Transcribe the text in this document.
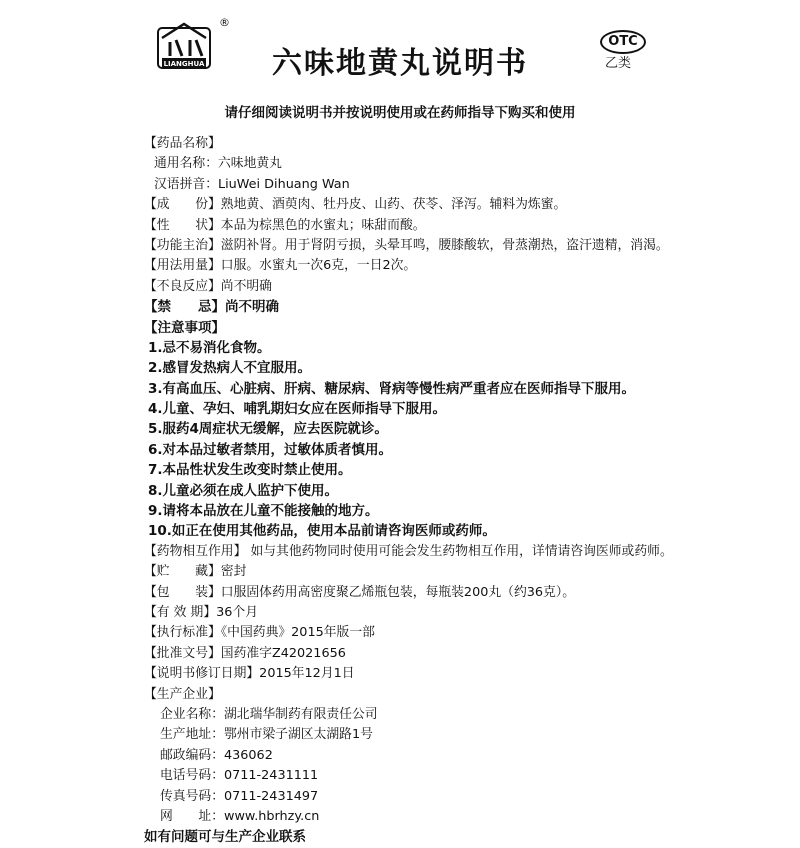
LIANGHUA
®
六味地黄丸说明书
OTC
乙类
请仔细阅读说明书并按说明使用或在药师指导下购买和使用
【药品名称】
通用名称：六味地黄丸
汉语拼音：LiuWei Dihuang Wan
【成　　份】熟地黄、酒萸肉、牡丹皮、山药、茯苓、泽泻。辅料为炼蜜。
【性　　状】本品为棕黑色的水蜜丸；味甜而酸。
【功能主治】滋阴补肾。用于肾阴亏损，头晕耳鸣，腰膝酸软，骨蒸潮热，盗汗遗精，消渴。
【用法用量】口服。水蜜丸一次6克，一日2次。
【不良反应】尚不明确
【禁　　忌】尚不明确
【注意事项】
1.忌不易消化食物。
2.感冒发热病人不宜服用。
3.有高血压、心脏病、肝病、糖尿病、肾病等慢性病严重者应在医师指导下服用。
4.儿童、孕妇、哺乳期妇女应在医师指导下服用。
5.服药4周症状无缓解，应去医院就诊。
6.对本品过敏者禁用，过敏体质者慎用。
7.本品性状发生改变时禁止使用。
8.儿童必须在成人监护下使用。
9.请将本品放在儿童不能接触的地方。
10.如正在使用其他药品，使用本品前请咨询医师或药师。
【药物相互作用】 如与其他药物同时使用可能会发生药物相互作用，详情请咨询医师或药师。
【贮　　藏】密封
【包　　装】口服固体药用高密度聚乙烯瓶包装，每瓶装200丸（约36克）。
【有 效 期】36个月
【执行标准】《中国药典》2015年版一部
【批准文号】国药准字Z42021656
【说明书修订日期】2015年12月1日
【生产企业】
企业名称：湖北瑞华制药有限责任公司
生产地址：鄂州市梁子湖区太湖路1号
邮政编码：436062
电话号码：0711-2431111
传真号码：0711-2431497
网　　址：www.hbrhzy.cn
如有问题可与生产企业联系
